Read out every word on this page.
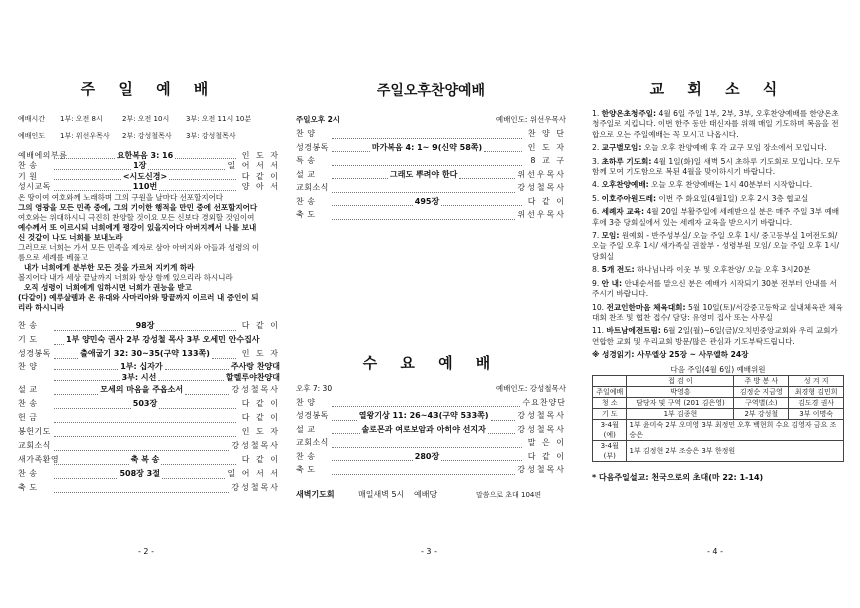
주 일 예 배
예배시간	1부: 오전 8시	2부: 오전 10시	3부: 오전 11시 10분
예배인도	1부: 위선우목사	2부: 강성철목사	3부: 강성철목사
예배에의부름	요한복음 3: 16	인 도 자
찬 송	1장	일 어 서 서
기 원	<시도신경>	다 같 이
성시교독	110번	양 아 서
온 땅이여 여호와께 노래하며 그의 구원을 날마다 선포할지어다
그의 영광을 모든 민족 중에, 그의 기이한 행적을 만민 중에 선포할지어다
여호와는 위대하시니 극진히 찬양할 것이요 모든 신보다 경외할 것임이여
예수께서 또 이르시되 너희에게 평강이 있을지어다 아버지께서 나를 보내
신 것같이 나도 너희를 보내노라
그러므로 너희는 가서 모든 민족을 제자로 삼아 아버지와 아들과 성령의 이
름으로 세례를 베풀고
내가 너희에게 분부한 모든 것을 가르쳐 지키게 하라
볼지어다 내가 세상 끝날까지 너희와 항상 함께 있으리라 하시니라
오직 성령이 너희에게 임하시면 너희가 권능을 받고
(다같이) 예루살렘과 온 유대와 사마리아와 땅끝까지 이르러 내 증인이 되
리라 하시니라
찬 송	98장	다 같 이
기 도	1부 양민숙 권사 2부 강성철 목사 3부 오세민 안수집사
성경봉독	출애굽기 32: 30~35(구약 133쪽)	인 도 자
찬 양	1부: 십자가	주사랑 찬양대
3부: 시선	할렐루야찬양대
설 교	모세의 마음을 주옵소서	강성철목사
찬 송	503장	다 같 이
헌 금	다 같 이
봉헌기도	인 도 자
교회소식	강성철목사
새가족환영	축 복 송	다 같 이
찬 송	508장 3절	일 어 서 서
축 도	강성철목사
- 2 -
주일오후찬양예배
주일오후 2시	예배인도: 위선우목사
찬 양	찬 양 단
성경봉독	마가복음 4: 1~ 9(신약 58쪽)	인 도 자
특 송	8 교 구
설 교	그래도 뿌려야 한다	위선우목사
교회소식	강성철목사
찬 송	495장	다 같 이
축 도	위선우목사
수 요 예 배
오후 7: 30	예배인도: 강성철목사
찬 양	수요찬양단
성경봉독	열왕기상 11: 26~43(구약 533쪽)	강성철목사
설 교	솔로몬과 여로보암과 아히야 선지자	강성철목사
교회소식	말 은 이
찬 송	280장	다 같 이
축 도	강성철목사
새벽기도회	매일새벽 5시	예배당	말씀으로 초대 104편
- 3 -
교 회 소 식
1. 한양온초청주일: 4월 6일 주일 1부, 2부, 3부, 오후찬양예배를 한양온초청주일로 지킵니다. 이번 한주 동안 태신자를 위해 매일 기도하며 복음을 전합으로 오는 주일예배는 꼭 모시고 나옵시다.
2. 교구별모임: 오늘 오후 찬양예배 후 각 교구 모임 장소에서 모입니다.
3. 초하루 기도회: 4월 1일(화)일 새벽 5시 초하루 기도회로 모입니다. 모두 함께 모여 기도함으로 복된 4월을 맞이하시기 바랍니다.
4. 오후찬양예배: 오늘 오후 찬양예배는 1시 40분부터 시작합니다.
5. 이호주아원드레: 이번 주 화요일(4월1일) 오후 2시 3층 협교실
6. 세례자 교육: 4월 20일 부활주일에 세례받으실 분은 매주 주일 3부 예배 후에 3층 당회실에서 있는 세례자 교육을 받으시기 바랍니다.
7. 모임: 원예회 - 반주성부실/ 오늘 주일 오후 1시/ 중고등부실 1여전도회/ 오늘 주일 오후 1시/ 새가족실 권찰부 - 성령부원 모임/ 오늘 주일 오후 1시/ 당회실
8. 5개 전도: 하나님나라 이웃 부 및 오후찬양/ 오늘 오후 3시20분
9. 안 내: 안내순서를 맡으신 분은 예배가 시작되기 30분 전부터 안내를 서주시기 바랍니다.
10. 전교인한마음 체육대회: 5월 10일(토)/서강중고등학교 실내체육관 체육대회 찬조 및 협찬 접수/ 담당: 유영미 집사 또는 사무실
11. 바트남에전트림: 6월 2일(월)~6일(금)/오치빈중앙교회와 우리 교회가 연합한 교회 및 우리교회 방문/많은 관심과 기도부탁드립니다.
※ 성경읽기: 사무엘상 25장 ~ 사무엘하 24장
다음 주일(4월 6일) 예배위원
	접 검 이	주 방 봉 사	성 겨 지
주일예배	박영흥	김정순 지금영	최경형 김민희
청 소	담당자 및 구역 (201 김은영)	구역별(소)	김도경 권사
기 도	1부 김종현	2부 강성철	3부 이명숙
3-4월(예)	1부 윤미숙 2부 오미영 3부 최정민 오후 백현희 수요 김영자 금요 조승은		
3-4월(부)	1부 김정현 2부 조승은 3부 한정원		
* 다음주일설교: 천국으로의 초대(마 22: 1-14)
- 4 -
